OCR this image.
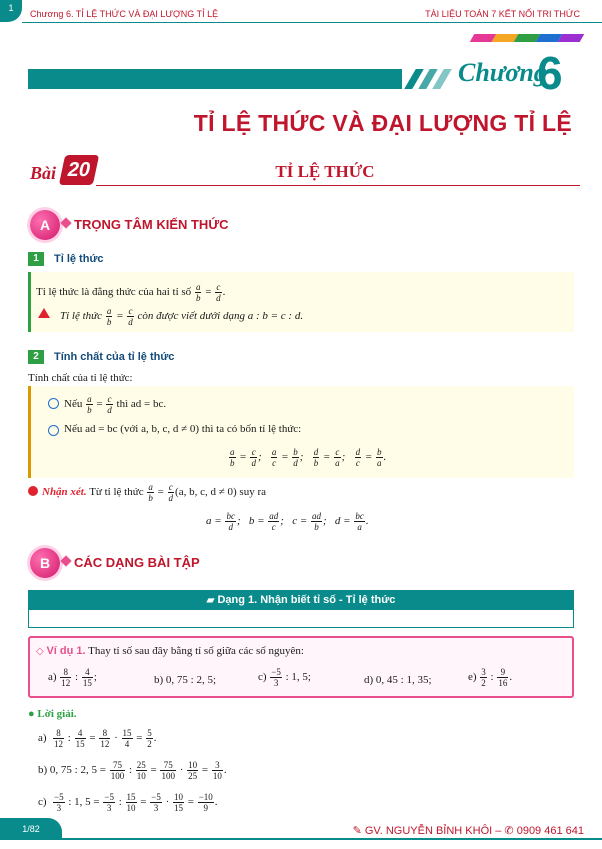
1
Chương 6. TỈ LỆ THỨC VÀ ĐẠI LƯỢNG TỈ LỆ	TÀI LIỆU TOÁN 7 KẾT NỐI TRI THỨC
Chương
6
TỈ LỆ THỨC VÀ ĐẠI LƯỢNG TỈ LỆ
Bài 20	TỈ LỆ THỨC
A	TRỌNG TÂM KIẾN THỨC
1	Tỉ lệ thức
Tỉ lệ thức là đẳng thức của hai tỉ số $\frac{a}{b} = \frac{c}{d}$ .
Tỉ lệ thức $\frac{a}{b} = \frac{c}{d}$ còn được viết dưới dạng a : b = c : d.
2	Tính chất của tỉ lệ thức
Tính chất của tỉ lệ thức:
Nếu $\frac{a}{b} = \frac{c}{d}$ thì ad = bc.
Nếu ad = bc (với a, b, c, d ≠ 0) thì ta có bốn tỉ lệ thức:
$\frac{a}{b} = \frac{c}{d}$ ; $\frac{a}{c} = \frac{b}{d}$ ; $\frac{d}{b} = \frac{c}{a}$ ; $\frac{d}{c} = \frac{b}{a}$ .
Nhận xét. Từ tỉ lệ thức $\frac{a}{b} = \frac{c}{d} (a$, b, c, d ≠ 0) suy ra
$a = \frac{bc}{d}$ ;   $b = \frac{ad}{c}$ ;   $c = \frac{ad}{b}$ ;   $d = \frac{bc}{a}$ .
B	CÁC DẠNG BÀI TẬP
▰ Dạng 1. Nhận biết tỉ số - Tỉ lệ thức
◇ Ví dụ 1. Thay tỉ số sau đây bằng tỉ số giữa các số nguyên:
$a) \frac{8}{12}$ : $\frac{4}{15}$ ;	b) 0, 75 : 2, 5;	$c) \frac{-5}{3}$ : 1, 5;	d) 0, 45 : 1, 35;	$e) \frac{3}{2}$ : $\frac{9}{16}$ .
● Lời giải.
$a) \frac{8}{12}$ : $\frac{4}{15} = \frac{8}{12} \cdot \frac{15}{4} = \frac{5}{2}$ .
b) 0, 75 : 2, $5 = \frac{75}{100}$ : $\frac{25}{10} = \frac{75}{100} \cdot \frac{10}{25} = \frac{3}{10}$ .
$c) \frac{-5}{3}$ : 1, $5 = \frac{-5}{3}$ : $\frac{15}{10} = \frac{-5}{3} \cdot \frac{10}{15} = \frac{-10}{9}$ .
1/82	✎ GV. NGUYỄN BỈNH KHÔI – ✆ 0909 461 641
